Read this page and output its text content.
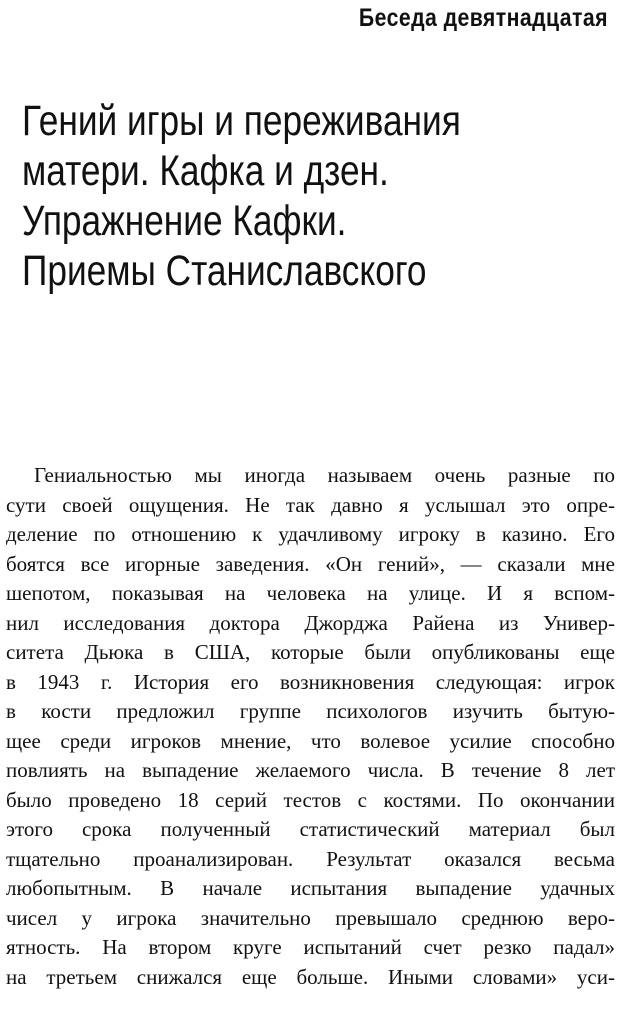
Беседа девятнадцатая
Гений игры и переживания
матери. Кафка и дзен.
Упражнение Кафки.
Приемы Станиславского
Гениальностью мы иногда называем очень разные по
сути своей ощущения. Не так давно я услышал это опре-
деление по отношению к удачливому игроку в казино. Его
боятся все игорные заведения. «Он гений», — сказали мне
шепотом, показывая на человека на улице. И я вспом-
нил исследования доктора Джорджа Райена из Универ-
ситета Дьюка в США, которые были опубликованы еще
в 1943 г. История его возникновения следующая: игрок
в кости предложил группе психологов изучить бытую-
щее среди игроков мнение, что волевое усилие способно
повлиять на выпадение желаемого числа. В течение 8 лет
было проведено 18 серий тестов с костями. По окончании
этого срока полученный статистический материал был
тщательно проанализирован. Результат оказался весьма
любопытным. В начале испытания выпадение удачных
чисел у игрока значительно превышало среднюю веро-
ятность. На втором круге испытаний счет резко падал»
на третьем снижался еще больше. Иными словами» уси-
